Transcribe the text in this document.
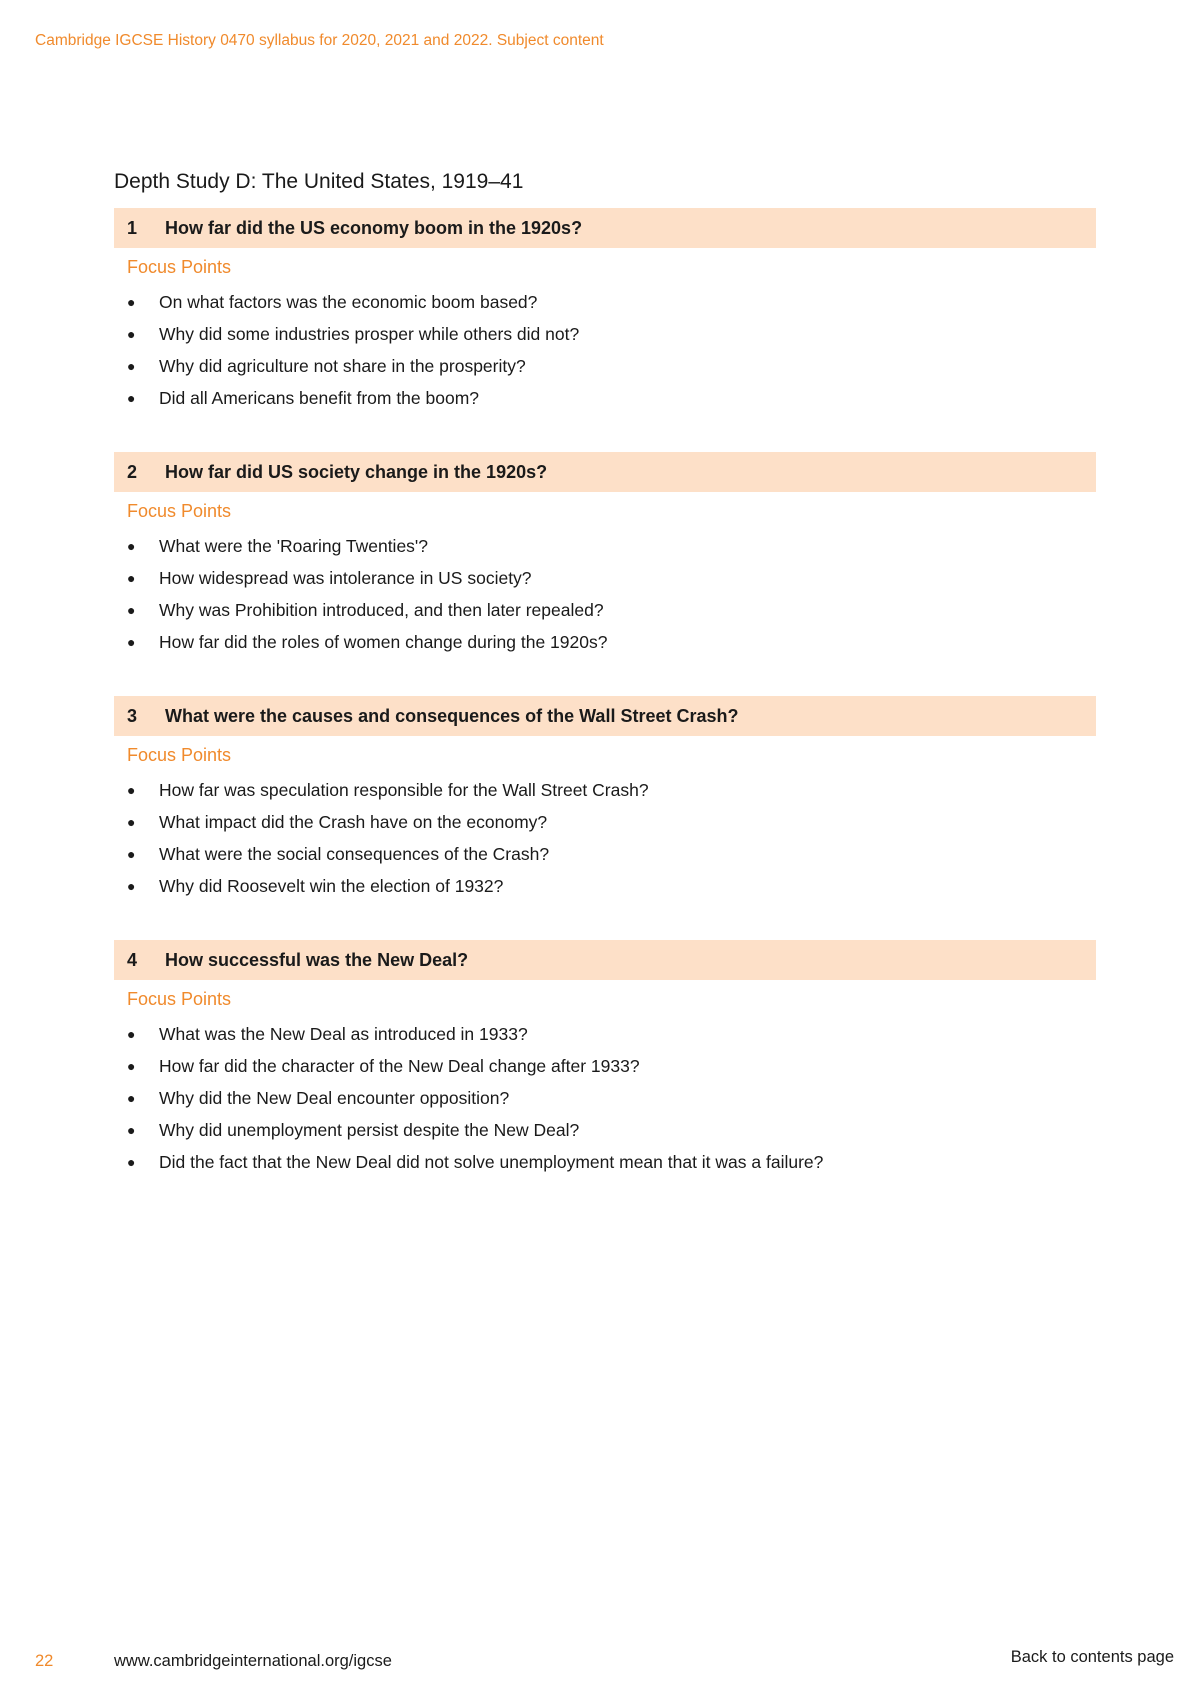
Cambridge IGCSE History 0470 syllabus for 2020, 2021 and 2022. Subject content
Depth Study D: The United States, 1919–41
1	How far did the US economy boom in the 1920s?
Focus Points
●	On what factors was the economic boom based?
●	Why did some industries prosper while others did not?
●	Why did agriculture not share in the prosperity?
●	Did all Americans benefit from the boom?
2	How far did US society change in the 1920s?
Focus Points
●	What were the 'Roaring Twenties'?
●	How widespread was intolerance in US society?
●	Why was Prohibition introduced, and then later repealed?
●	How far did the roles of women change during the 1920s?
3	What were the causes and consequences of the Wall Street Crash?
Focus Points
●	How far was speculation responsible for the Wall Street Crash?
●	What impact did the Crash have on the economy?
●	What were the social consequences of the Crash?
●	Why did Roosevelt win the election of 1932?
4	How successful was the New Deal?
Focus Points
●	What was the New Deal as introduced in 1933?
●	How far did the character of the New Deal change after 1933?
●	Why did the New Deal encounter opposition?
●	Why did unemployment persist despite the New Deal?
●	Did the fact that the New Deal did not solve unemployment mean that it was a failure?
22	www.cambridgeinternational.org/igcse	Back to contents page
